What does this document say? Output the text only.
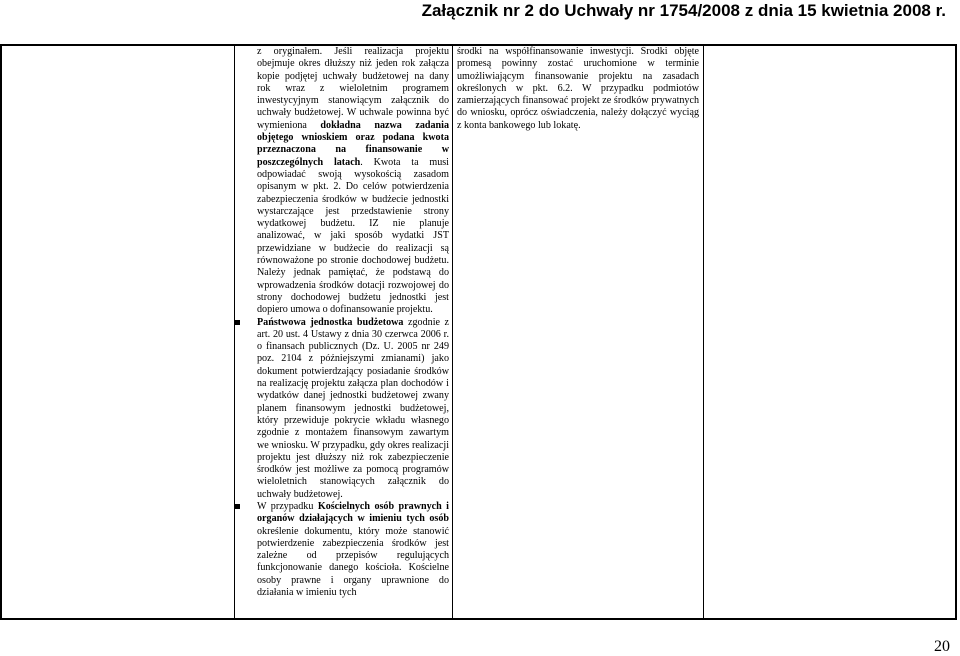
Załącznik nr 2 do Uchwały nr 1754/2008 z dnia 15 kwietnia 2008 r.

z oryginałem. Jeśli realizacja projektu obejmuje okres dłuższy niż jeden rok załącza kopie podjętej uchwały budżetowej na dany rok wraz z wieloletnim programem inwestycyjnym stanowiącym załącznik do uchwały budżetowej. W uchwale powinna być wymieniona dokładna nazwa zadania objętego wnioskiem oraz podana kwota przeznaczona na finansowanie w poszczególnych latach. Kwota ta musi odpowiadać swoją wysokością zasadom opisanym w pkt. 2. Do celów potwierdzenia zabezpieczenia środków w budżecie jednostki wystarczające jest przedstawienie strony wydatkowej budżetu. IZ nie planuje analizować, w jaki sposób wydatki JST przewidziane w budżecie do realizacji są równoważone po stronie dochodowej budżetu. Należy jednak pamiętać, że podstawą do wprowadzenia środków dotacji rozwojowej do strony dochodowej budżetu jednostki jest dopiero umowa o dofinansowanie projektu.

Państwowa jednostka budżetowa zgodnie z art. 20 ust. 4 Ustawy z dnia 30 czerwca 2006 r. o finansach publicznych (Dz. U. 2005 nr 249 poz. 2104 z późniejszymi zmianami) jako dokument potwierdzający posiadanie środków na realizację projektu załącza plan dochodów i wydatków danej jednostki budżetowej zwany planem finansowym jednostki budżetowej, który przewiduje pokrycie wkładu własnego zgodnie z montażem finansowym zawartym we wniosku. W przypadku, gdy okres realizacji projektu jest dłuższy niż rok zabezpieczenie środków jest możliwe za pomocą programów wieloletnich stanowiących załącznik do uchwały budżetowej.

W przypadku Kościelnych osób prawnych i organów działających w imieniu tych osób określenie dokumentu, który może stanowić potwierdzenie zabezpieczenia środków jest zależne od przepisów regulujących funkcjonowanie danego kościoła. Kościelne osoby prawne i organy uprawnione do działania w imieniu tych

środki na współfinansowanie inwestycji. Środki objęte promesą powinny zostać uruchomione w terminie umożliwiającym finansowanie projektu na zasadach określonych w pkt. 6.2. W przypadku podmiotów zamierzających finansować projekt ze środków prywatnych do wniosku, oprócz oświadczenia, należy dołączyć wyciąg z konta bankowego lub lokatę.

20
